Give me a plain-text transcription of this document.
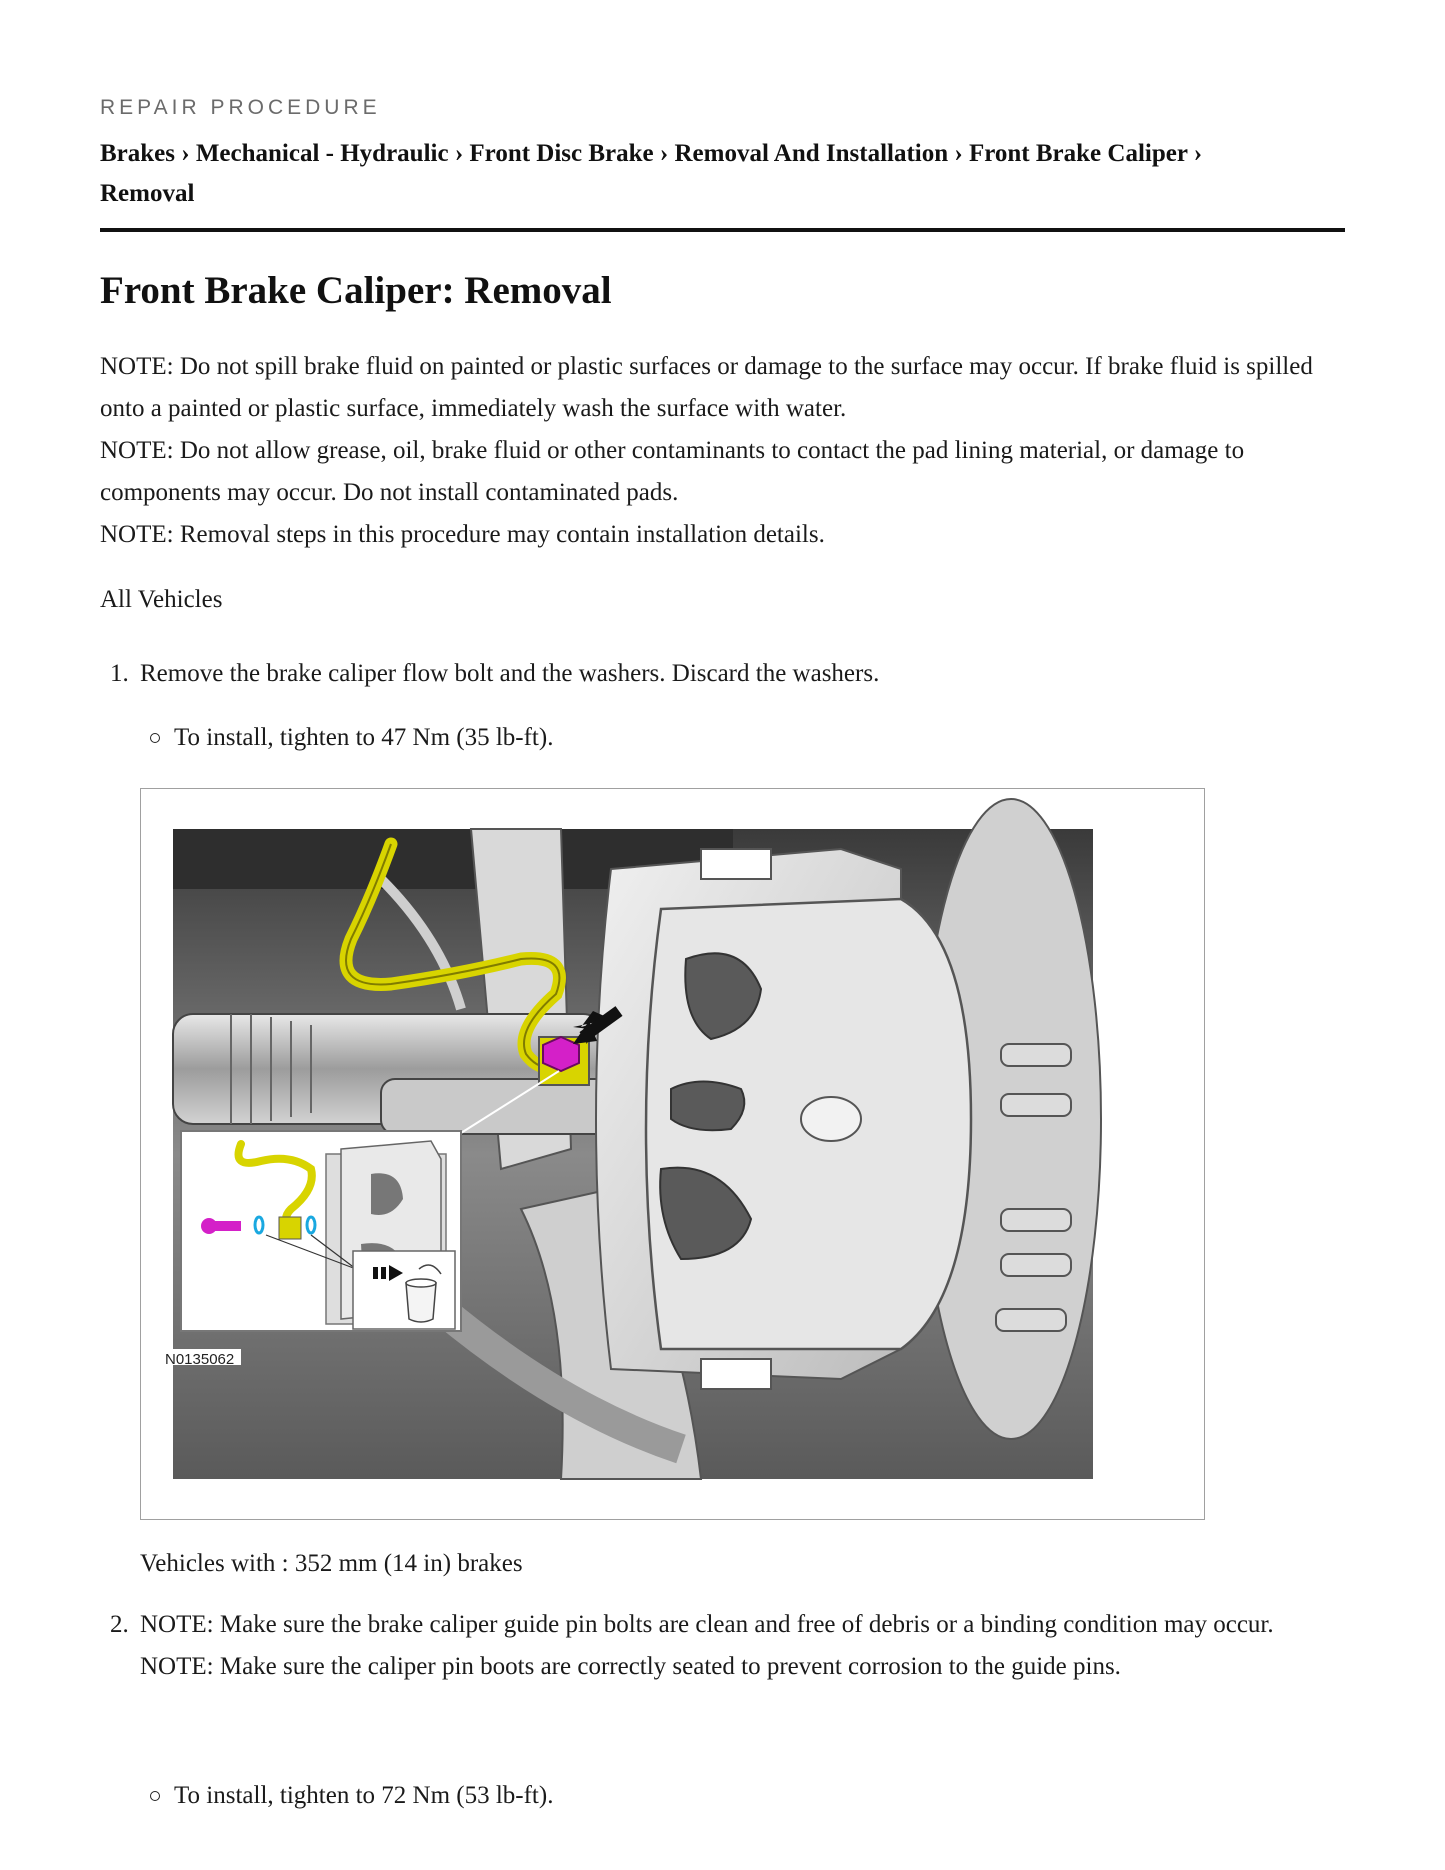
REPAIR PROCEDURE
Brakes › Mechanical - Hydraulic › Front Disc Brake › Removal And Installation › Front Brake Caliper ›
Removal
Front Brake Caliper: Removal

NOTE: Do not spill brake fluid on painted or plastic surfaces or damage to the surface may occur. If brake fluid is spilled onto a painted or plastic surface, immediately wash the surface with water.

NOTE: Do not allow grease, oil, brake fluid or other contaminants to contact the pad lining material, or damage to components may occur. Do not install contaminated pads.

NOTE: Removal steps in this procedure may contain installation details.

All Vehicles
1. Remove the brake caliper flow bolt and the washers. Discard the washers.
To install, tighten to 47 Nm (35 lb-ft).
N0135062
Vehicles with : 352 mm (14 in) brakes
2. NOTE: Make sure the brake caliper guide pin bolts are clean and free of debris or a binding condition may occur.
NOTE: Make sure the caliper pin boots are correctly seated to prevent corrosion to the guide pins.
To install, tighten to 72 Nm (53 lb-ft).
